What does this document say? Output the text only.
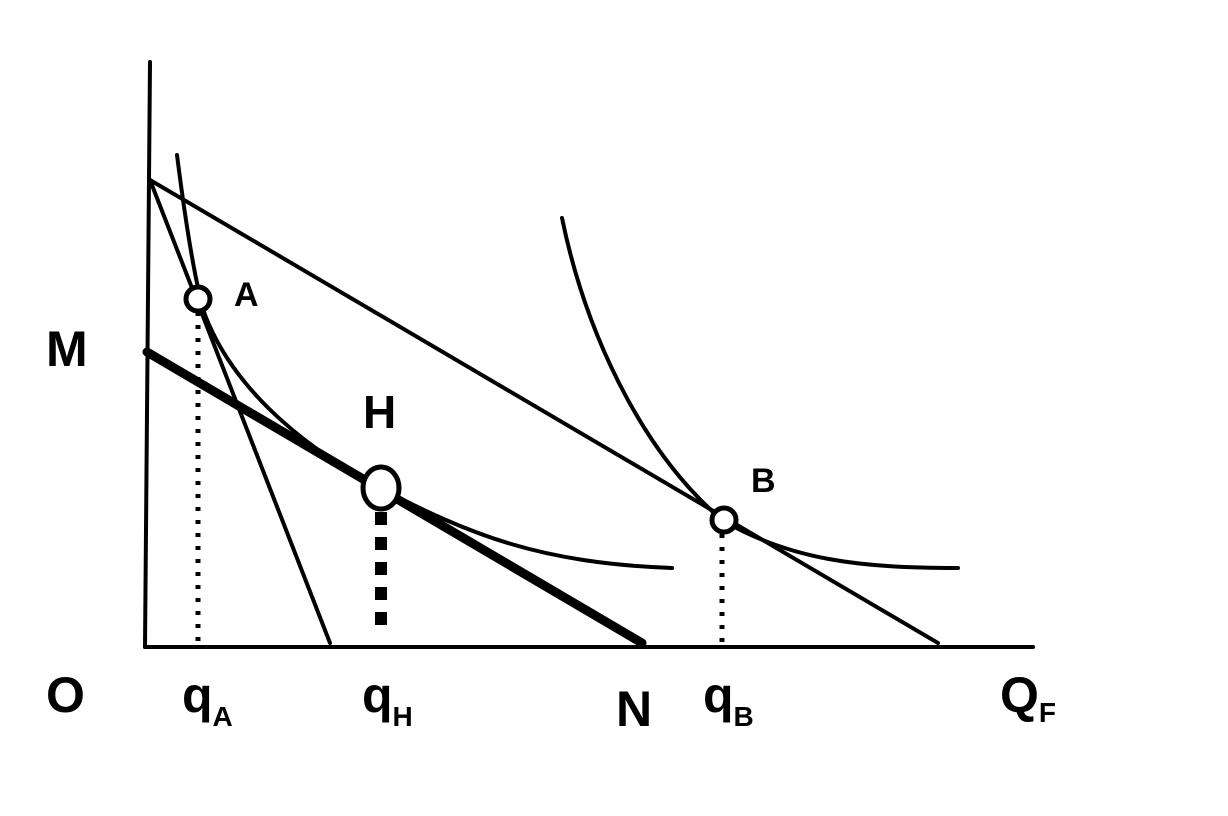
A
H
B
M
O	$Q_F$
$q_A$	$q_H$	N $q_B$
